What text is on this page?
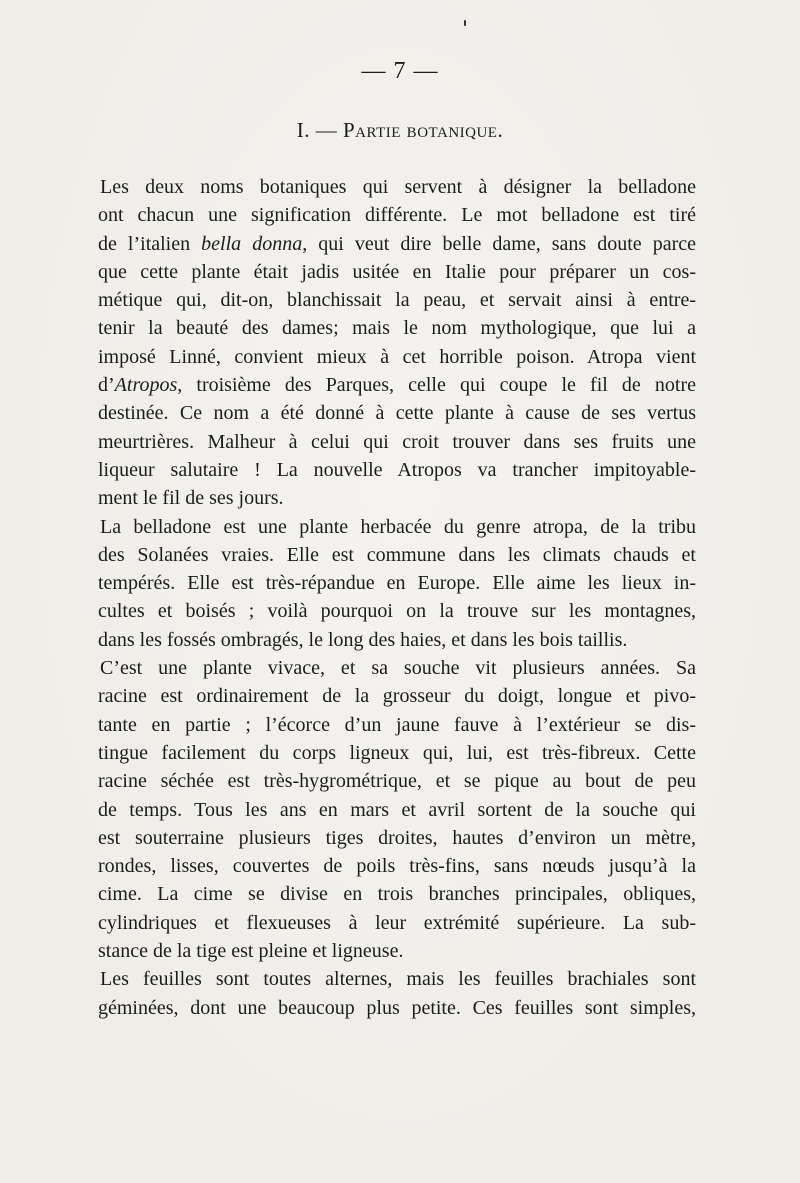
— 7 —
I. — Partie botanique.
Les deux noms botaniques qui servent à désigner la belladone
ont chacun une signification différente. Le mot belladone est tiré
de l’italien bella donna, qui veut dire belle dame, sans doute parce
que cette plante était jadis usitée en Italie pour préparer un cos-
métique qui, dit-on, blanchissait la peau, et servait ainsi à entre-
tenir la beauté des dames; mais le nom mythologique, que lui a
imposé Linné, convient mieux à cet horrible poison. Atropa vient
d’Atropos, troisième des Parques, celle qui coupe le fil de notre
destinée. Ce nom a été donné à cette plante à cause de ses vertus
meurtrières. Malheur à celui qui croit trouver dans ses fruits une
liqueur salutaire ! La nouvelle Atropos va trancher impitoyable-
ment le fil de ses jours.
La belladone est une plante herbacée du genre atropa, de la tribu
des Solanées vraies. Elle est commune dans les climats chauds et
tempérés. Elle est très-répandue en Europe. Elle aime les lieux in-
cultes et boisés ; voilà pourquoi on la trouve sur les montagnes,
dans les fossés ombragés, le long des haies, et dans les bois taillis.
C’est une plante vivace, et sa souche vit plusieurs années. Sa
racine est ordinairement de la grosseur du doigt, longue et pivo-
tante en partie ; l’écorce d’un jaune fauve à l’extérieur se dis-
tingue facilement du corps ligneux qui, lui, est très-fibreux. Cette
racine séchée est très-hygrométrique, et se pique au bout de peu
de temps. Tous les ans en mars et avril sortent de la souche qui
est souterraine plusieurs tiges droites, hautes d’environ un mètre,
rondes, lisses, couvertes de poils très-fins, sans nœuds jusqu’à la
cime. La cime se divise en trois branches principales, obliques,
cylindriques et flexueuses à leur extrémité supérieure. La sub-
stance de la tige est pleine et ligneuse.
Les feuilles sont toutes alternes, mais les feuilles brachiales sont
géminées, dont une beaucoup plus petite. Ces feuilles sont simples,
